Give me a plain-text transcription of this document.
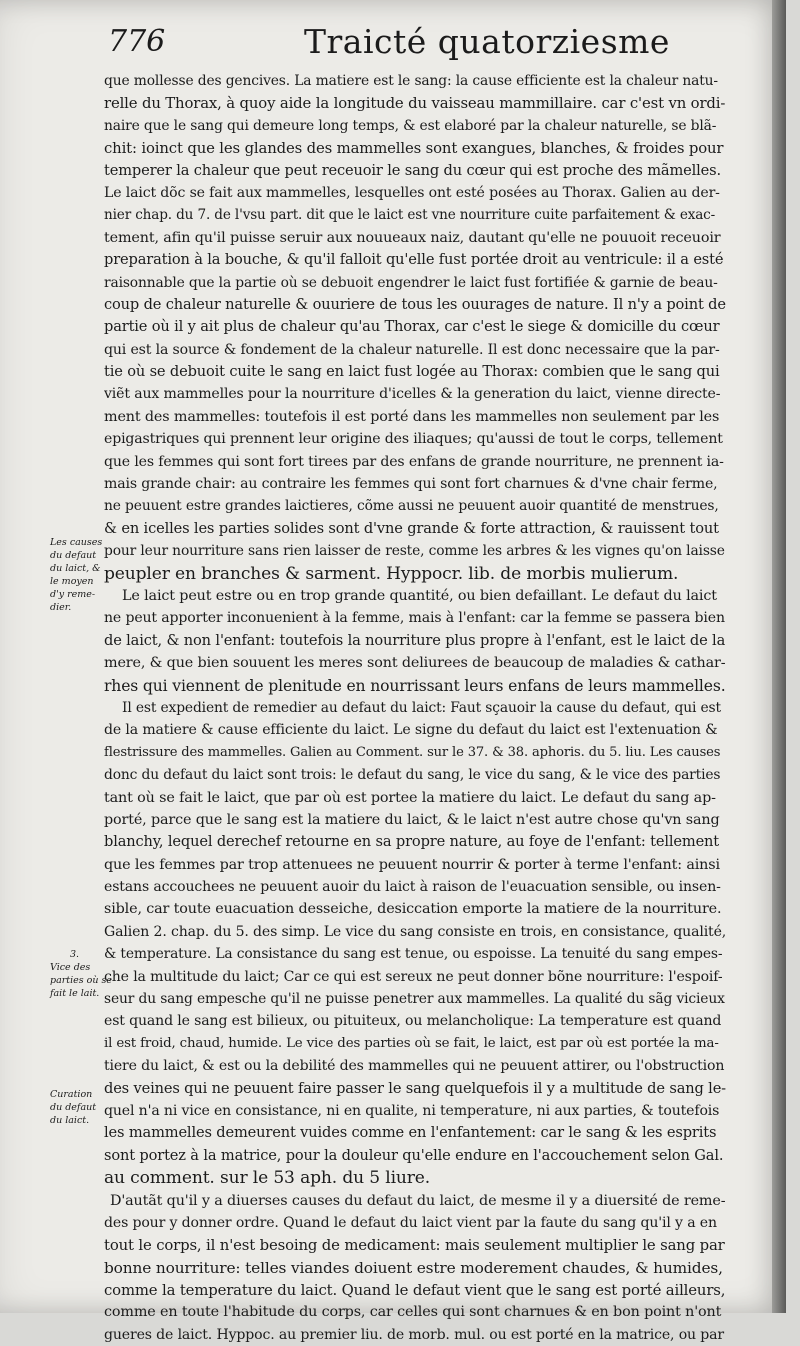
776	Traicté quatorziesme
Les causes
du defaut
du laict, &
le moyen
d'y reme-
dier.
3.
Vice des
parties où se
fait le lait.
Curation
du defaut
du laict.
que mollesse des gencives. La matiere est le sang: la cause efficiente est la chaleur natu-
relle du Thorax, à quoy aide la longitude du vaisseau mammillaire. car c'est vn ordi-
naire que le sang qui demeure long temps, & est elaboré par la chaleur naturelle, se blã-
chit: ioinct que les glandes des mammelles sont exangues, blanches, & froides pour
temperer la chaleur que peut receuoir le sang du cœur qui est proche des mãmelles.
Le laict dõc se fait aux mammelles, lesquelles ont esté posées au Thorax. Galien au der-
nier chap. du 7. de l'vsu part. dit que le laict est vne nourriture cuite parfaitement & exac-
tement, afin qu'il puisse seruir aux nouueaux naiz, dautant qu'elle ne pouuoit receuoir
preparation à la bouche, & qu'il falloit qu'elle fust portée droit au ventricule: il a esté
raisonnable que la partie où se debuoit engendrer le laict fust fortifiée & garnie de beau-
coup de chaleur naturelle & ouuriere de tous les ouurages de nature. Il n'y a point de
partie où il y ait plus de chaleur qu'au Thorax, car c'est le siege & domicille du cœur
qui est la source & fondement de la chaleur naturelle. Il est donc necessaire que la par-
tie où se debuoit cuite le sang en laict fust logée au Thorax: combien que le sang qui
viẽt aux mammelles pour la nourriture d'icelles & la generation du laict, vienne directe-
ment des mammelles: toutefois il est porté dans les mammelles non seulement par les
epigastriques qui prennent leur origine des iliaques; qu'aussi de tout le corps, tellement
que les femmes qui sont fort tirees par des enfans de grande nourriture, ne prennent ia-
mais grande chair: au contraire les femmes qui sont fort charnues & d'vne chair ferme,
ne peuuent estre grandes laictieres, cõme aussi ne peuuent auoir quantité de menstrues,
& en icelles les parties solides sont d'vne grande & forte attraction, & rauissent tout
pour leur nourriture sans rien laisser de reste, comme les arbres & les vignes qu'on laisse
peupler en branches & sarment. Hyppocr. lib. de morbis mulierum.
Le laict peut estre ou en trop grande quantité, ou bien defaillant. Le defaut du laict
ne peut apporter inconuenient à la femme, mais à l'enfant: car la femme se passera bien
de laict, & non l'enfant: toutefois la nourriture plus propre à l'enfant, est le laict de la
mere, & que bien souuent les meres sont deliurees de beaucoup de maladies & cathar-
rhes qui viennent de plenitude en nourrissant leurs enfans de leurs mammelles.
Il est expedient de remedier au defaut du laict: Faut sçauoir la cause du defaut, qui est
de la matiere & cause efficiente du laict. Le signe du defaut du laict est l'extenuation &
flestrissure des mammelles. Galien au Comment. sur le 37. & 38. aphoris. du 5. liu. Les causes
donc du defaut du laict sont trois: le defaut du sang, le vice du sang, & le vice des parties
tant où se fait le laict, que par où est portee la matiere du laict. Le defaut du sang ap-
porté, parce que le sang est la matiere du laict, & le laict n'est autre chose qu'vn sang
blanchy, lequel derechef retourne en sa propre nature, au foye de l'enfant: tellement
que les femmes par trop attenuees ne peuuent nourrir & porter à terme l'enfant: ainsi
estans accouchees ne peuuent auoir du laict à raison de l'euacuation sensible, ou insen-
sible, car toute euacuation desseiche, desiccation emporte la matiere de la nourriture.
Galien 2. chap. du 5. des simp. Le vice du sang consiste en trois, en consistance, qualité,
& temperature. La consistance du sang est tenue, ou espoisse. La tenuité du sang empes-
che la multitude du laict; Car ce qui est sereux ne peut donner bõne nourriture: l'espoif-
seur du sang empesche qu'il ne puisse penetrer aux mammelles. La qualité du sãg vicieux
est quand le sang est bilieux, ou pituiteux, ou melancholique: La temperature est quand
il est froid, chaud, humide. Le vice des parties où se fait, le laict, est par où est portée la ma-
tiere du laict, & est ou la debilité des mammelles qui ne peuuent attirer, ou l'obstruction
des veines qui ne peuuent faire passer le sang quelquefois il y a multitude de sang le-
quel n'a ni vice en consistance, ni en qualite, ni temperature, ni aux parties, & toutefois
les mammelles demeurent vuides comme en l'enfantement: car le sang & les esprits
sont portez à la matrice, pour la douleur qu'elle endure en l'accouchement selon Gal.
au comment. sur le 53 aph. du 5 liure.
D'autãt qu'il y a diuerses causes du defaut du laict, de mesme il y a diuersité de reme-
des pour y donner ordre. Quand le defaut du laict vient par la faute du sang qu'il y a en
tout le corps, il n'est besoing de medicament: mais seulement multiplier le sang par
bonne nourriture: telles viandes doiuent estre moderement chaudes, & humides,
comme la temperature du laict. Quand le defaut vient que le sang est porté ailleurs,
comme en toute l'habitude du corps, car celles qui sont charnues & en bon point n'ont
gueres de laict. Hyppoc. au premier liu. de morb. mul. ou est porté en la matrice, ou par
